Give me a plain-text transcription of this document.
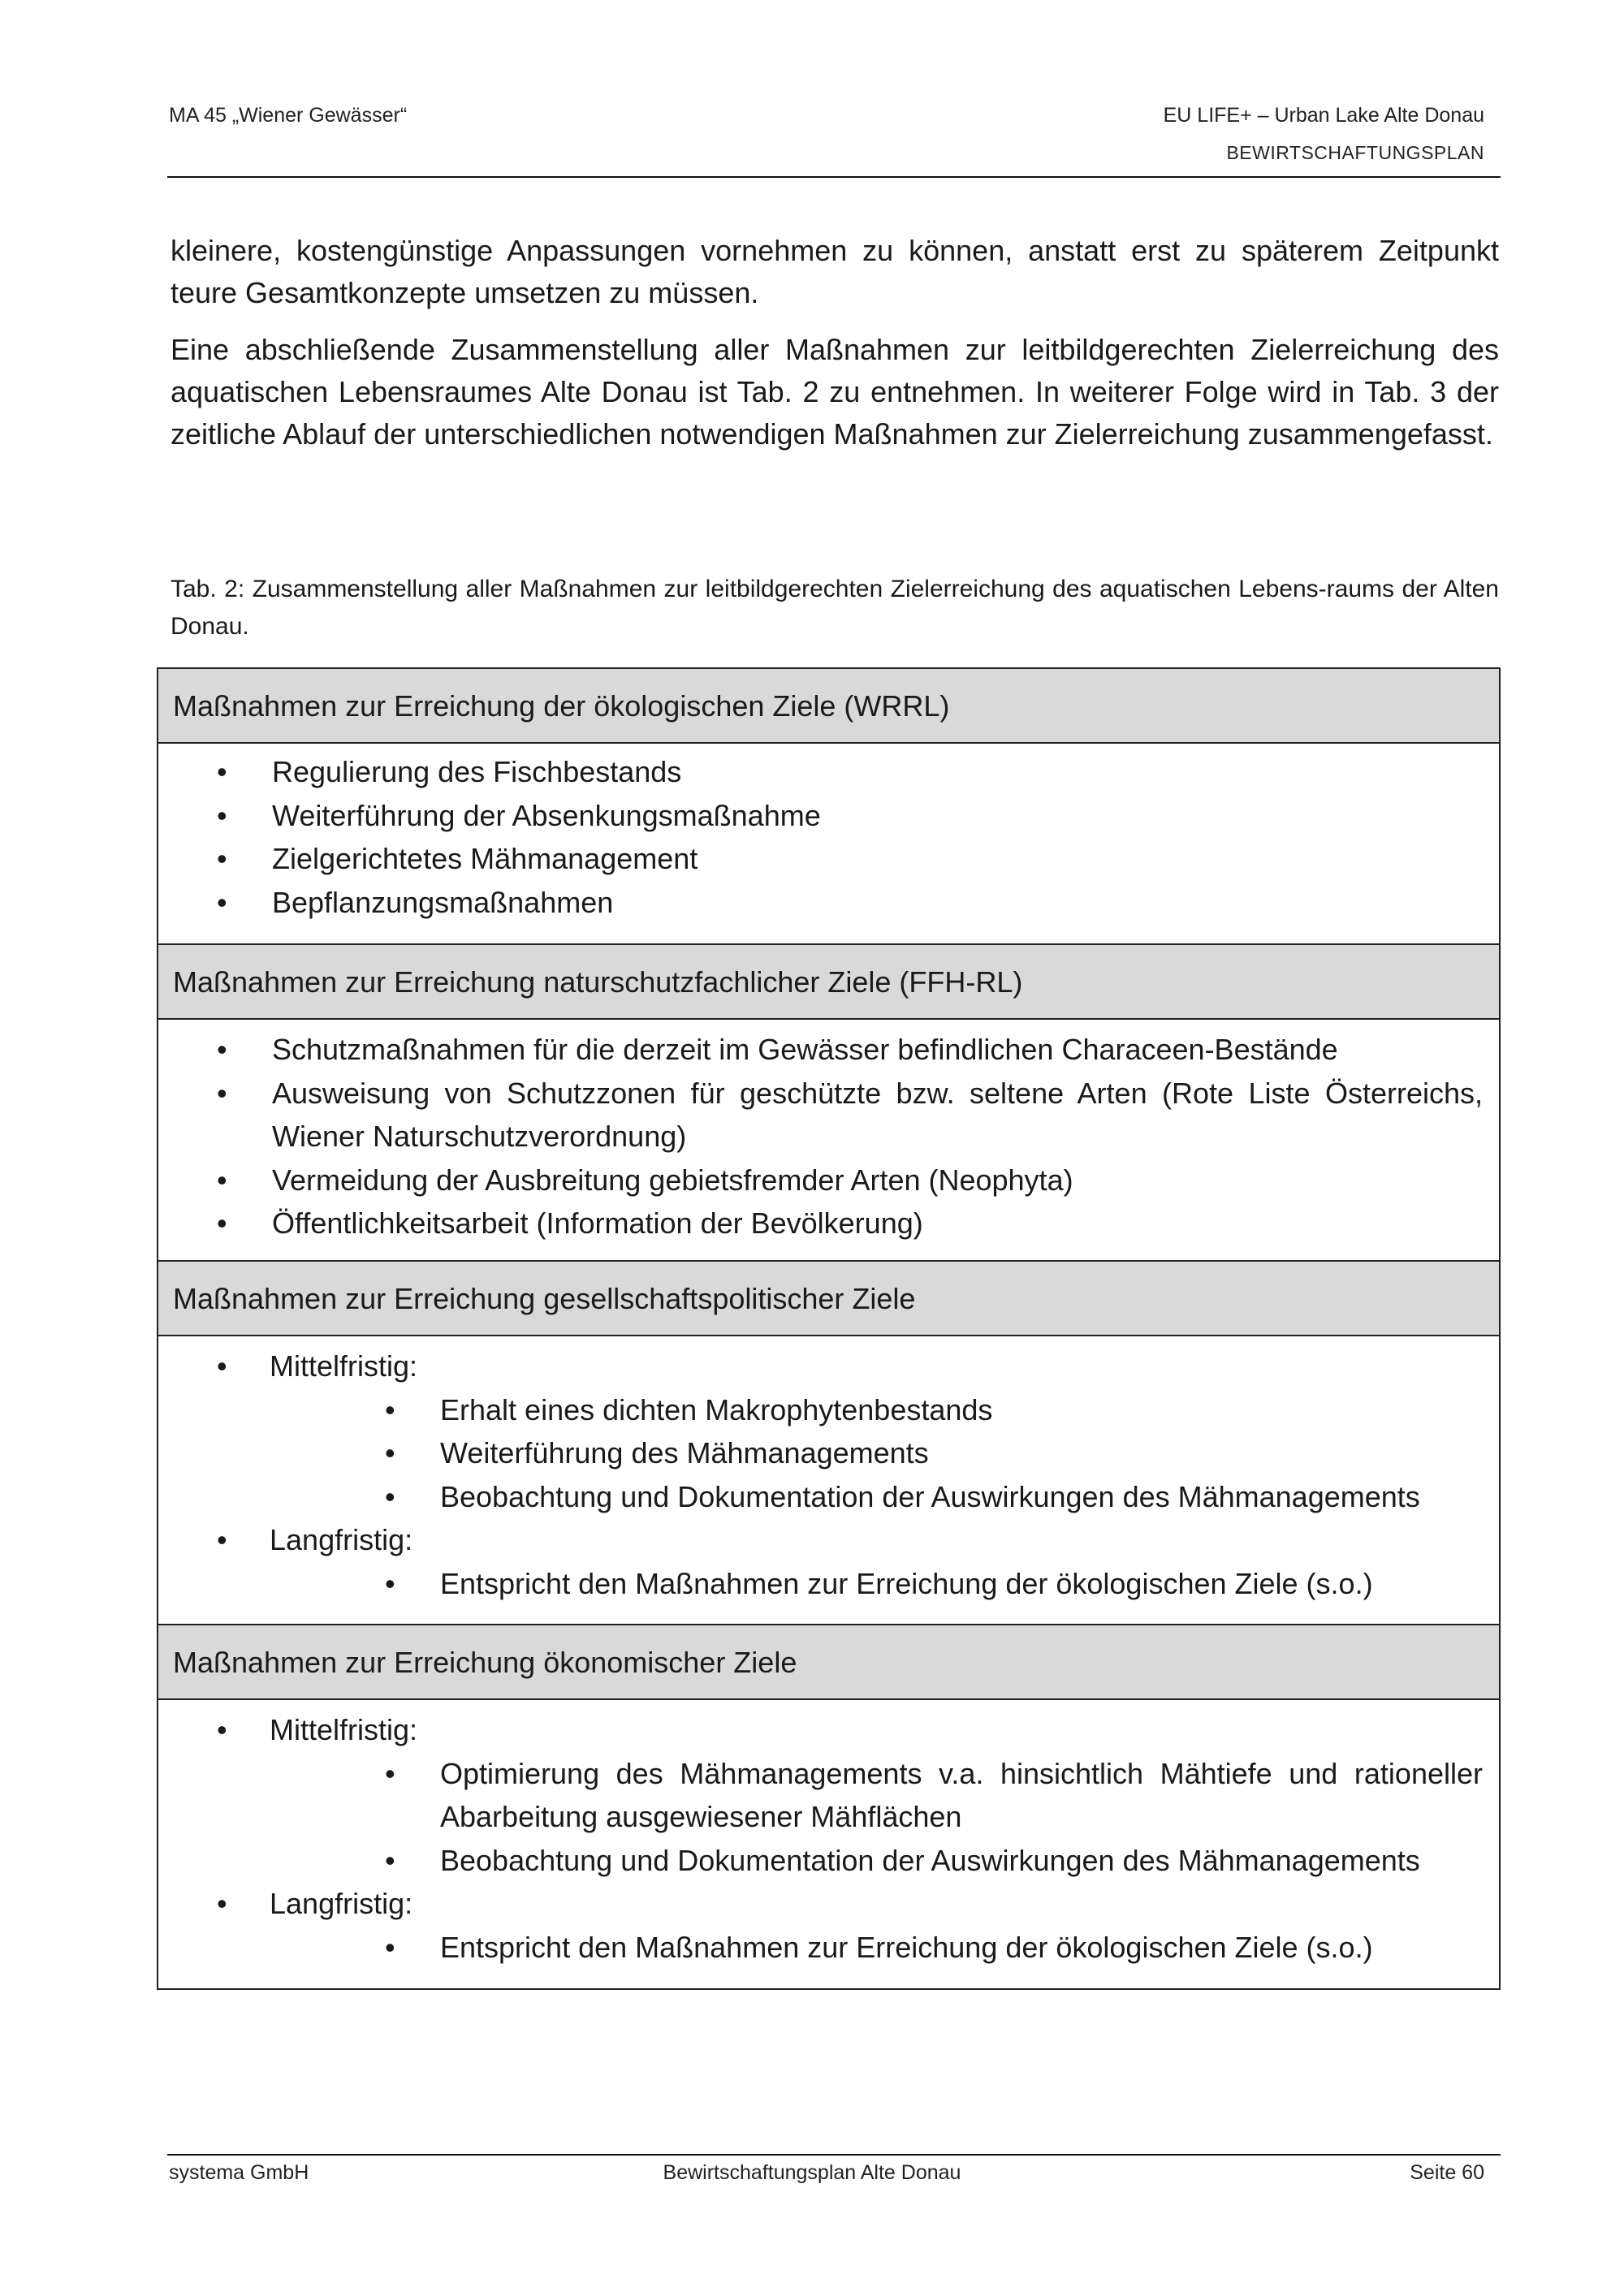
MA 45 „Wiener Gewässer“	EU LIFE+ – Urban Lake Alte Donau
BEWIRTSCHAFTUNGSPLAN

kleinere, kostengünstige Anpassungen vornehmen zu können, anstatt erst zu späterem Zeitpunkt teure Gesamtkonzepte umsetzen zu müssen.

Eine abschließende Zusammenstellung aller Maßnahmen zur leitbildgerechten Zielerreichung des aquatischen Lebensraumes Alte Donau ist Tab. 2 zu entnehmen. In weiterer Folge wird in Tab. 3 der zeitliche Ablauf der unterschiedlichen notwendigen Maßnahmen zur Zielerreichung zusammengefasst.

Tab. 2: Zusammenstellung aller Maßnahmen zur leitbildgerechten Zielerreichung des aquatischen Lebens-raums der Alten Donau.

Maßnahmen zur Erreichung der ökologischen Ziele (WRRL)
• Regulierung des Fischbestands
• Weiterführung der Absenkungsmaßnahme
• Zielgerichtetes Mähmanagement
• Bepflanzungsmaßnahmen
Maßnahmen zur Erreichung naturschutzfachlicher Ziele (FFH-RL)
• Schutzmaßnahmen für die derzeit im Gewässer befindlichen Characeen-Bestände
• Ausweisung von Schutzzonen für geschützte bzw. seltene Arten (Rote Liste Österreichs, Wiener Naturschutzverordnung)
• Vermeidung der Ausbreitung gebietsfremder Arten (Neophyta)
• Öffentlichkeitsarbeit (Information der Bevölkerung)
Maßnahmen zur Erreichung gesellschaftspolitischer Ziele
• Mittelfristig:
• Erhalt eines dichten Makrophytenbestands
• Weiterführung des Mähmanagements
• Beobachtung und Dokumentation der Auswirkungen des Mähmanagements
• Langfristig:
• Entspricht den Maßnahmen zur Erreichung der ökologischen Ziele (s.o.)
Maßnahmen zur Erreichung ökonomischer Ziele
• Mittelfristig:
• Optimierung des Mähmanagements v.a. hinsichtlich Mähtiefe und rationeller Abarbeitung ausgewiesener Mähflächen
• Beobachtung und Dokumentation der Auswirkungen des Mähmanagements
• Langfristig:
• Entspricht den Maßnahmen zur Erreichung der ökologischen Ziele (s.o.)
systema GmbH	Bewirtschaftungsplan Alte Donau	Seite 60
